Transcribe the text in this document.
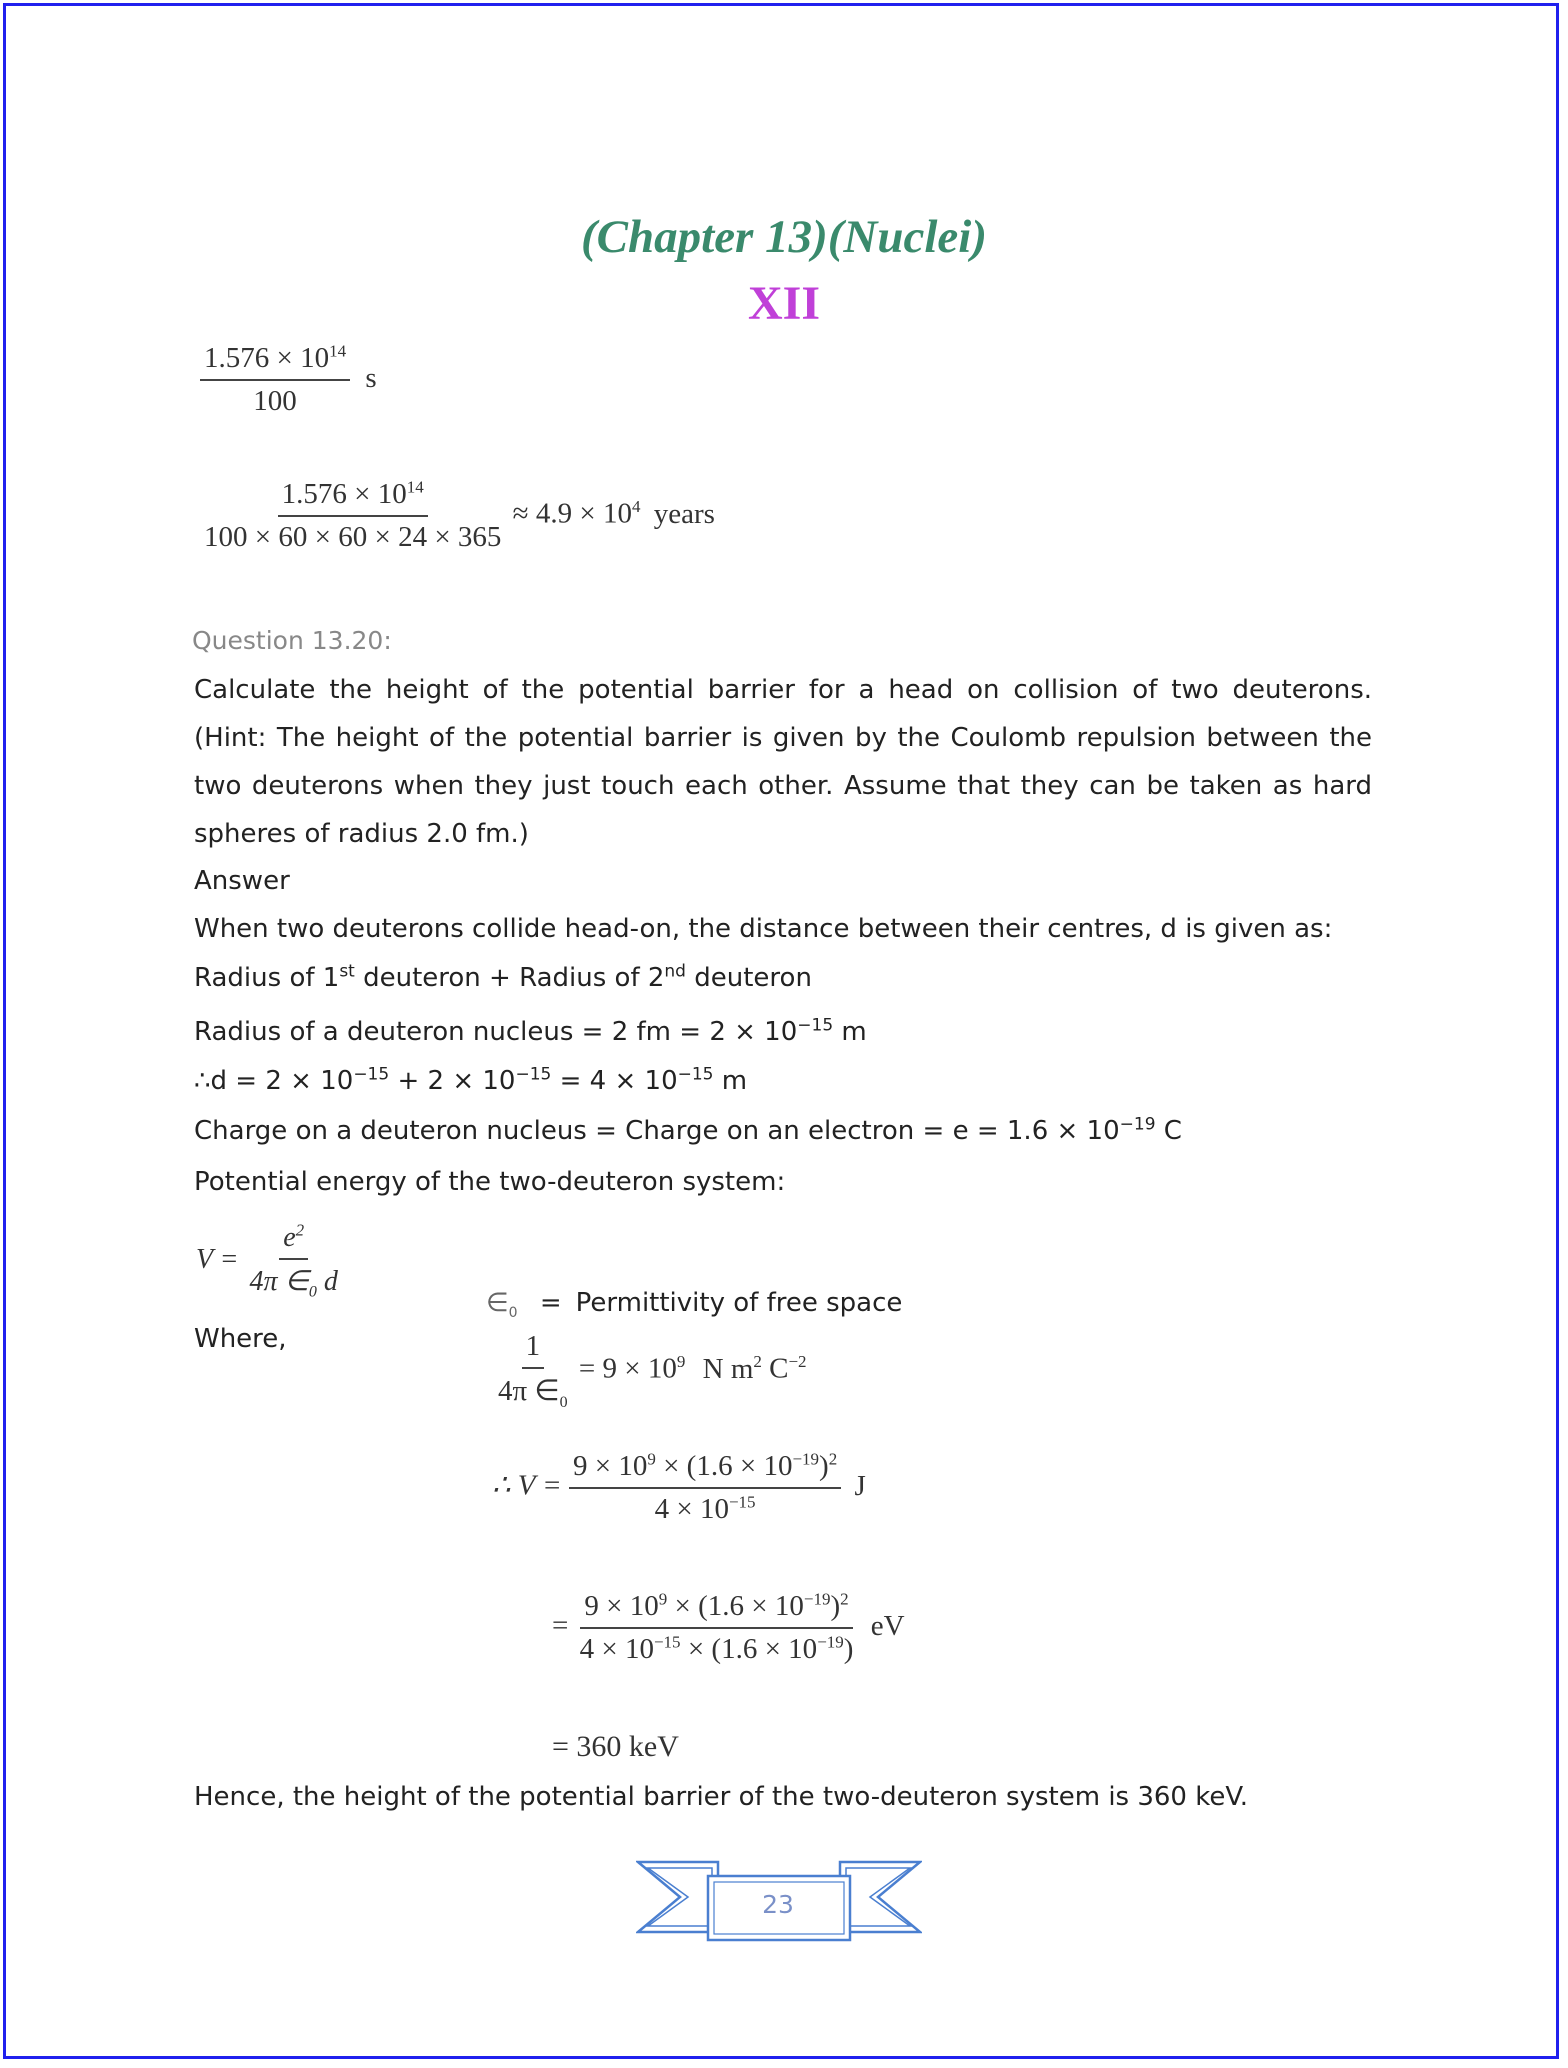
(Chapter 13)(Nuclei)
XII
$\frac{1.576 \times 10^{14}}{100}$ s
$\frac{1.576 \times 10^{14}}{100 \times 60 \times 60 \times 24 \times 365} \approx 4.9 \times 10^4$ years
Question 13.20:
Calculate the height of the potential barrier for a head on collision of two deuterons. (Hint: The height of the potential barrier is given by the Coulomb repulsion between the two deuterons when they just touch each other. Assume that they can be taken as hard spheres of radius 2.0 fm.)
Answer
When two deuterons collide head-on, the distance between their centres, d is given as:
Radius of 1st deuteron + Radius of 2nd deuteron
Radius of a deuteron nucleus = 2 fm = $2 \times 10^{-15}$ m
∴d = $2 \times 10^{-15} + 2 \times 10^{-15} = 4 \times 10^{-15}$ m
Charge on a deuteron nucleus = Charge on an electron = $e = 1.6 \times 10^{-19}$ C
Potential energy of the two-deuteron system:
$V = \frac{e^2}{4\pi \in_0 d}$
$\in_0$ = Permittivity of free space
Where,	$\frac{1}{4\pi \in_0} = 9 \times 10^9$ N $m^2$ $C^{-2}$
∴ $V = \frac{9 \times 10^9 \times (1.6 \times 10^{-19})^2}{4 \times 10^{-15}}$ J
= $\frac{9 \times 10^9 \times (1.6 \times 10^{-19})^2}{4 \times 10^{-15} \times (1.6 \times 10^{-19})}$ eV
= 360 keV
Hence, the height of the potential barrier of the two-deuteron system is 360 keV.
23
